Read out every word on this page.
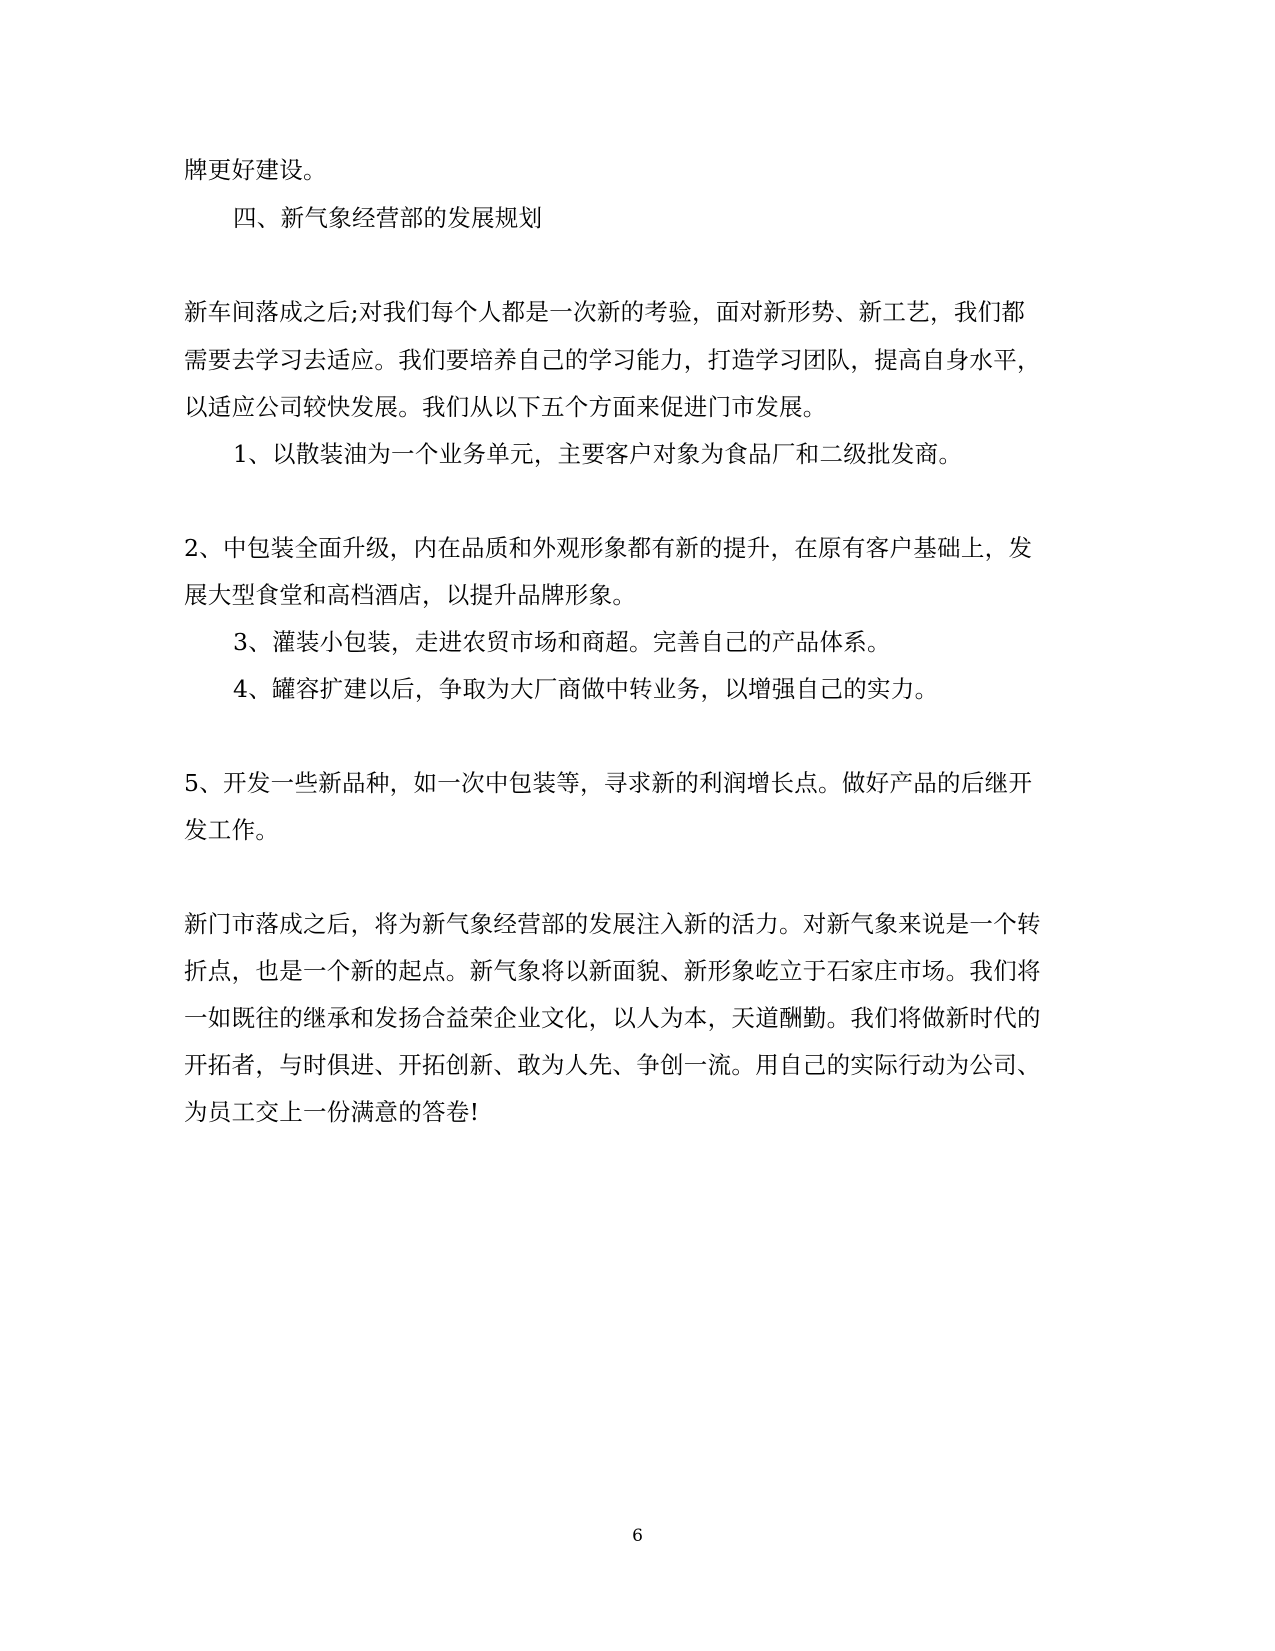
牌更好建设。

四、新气象经营部的发展规划

新车间落成之后;对我们每个人都是一次新的考验，面对新形势、新工艺，我们都

需要去学习去适应。我们要培养自己的学习能力，打造学习团队，提高自身水平，

以适应公司较快发展。我们从以下五个方面来促进门市发展。

1、以散装油为一个业务单元，主要客户对象为食品厂和二级批发商。

2、中包装全面升级，内在品质和外观形象都有新的提升，在原有客户基础上，发

展大型食堂和高档酒店，以提升品牌形象。

3、灌装小包装，走进农贸市场和商超。完善自己的产品体系。

4、罐容扩建以后，争取为大厂商做中转业务，以增强自己的实力。

5、开发一些新品种，如一次中包装等，寻求新的利润增长点。做好产品的后继开

发工作。

新门市落成之后，将为新气象经营部的发展注入新的活力。对新气象来说是一个转

折点，也是一个新的起点。新气象将以新面貌、新形象屹立于石家庄市场。我们将

一如既往的继承和发扬合益荣企业文化，以人为本，天道酬勤。我们将做新时代的

开拓者，与时俱进、开拓创新、敢为人先、争创一流。用自己的实际行动为公司、

为员工交上一份满意的答卷!

6
